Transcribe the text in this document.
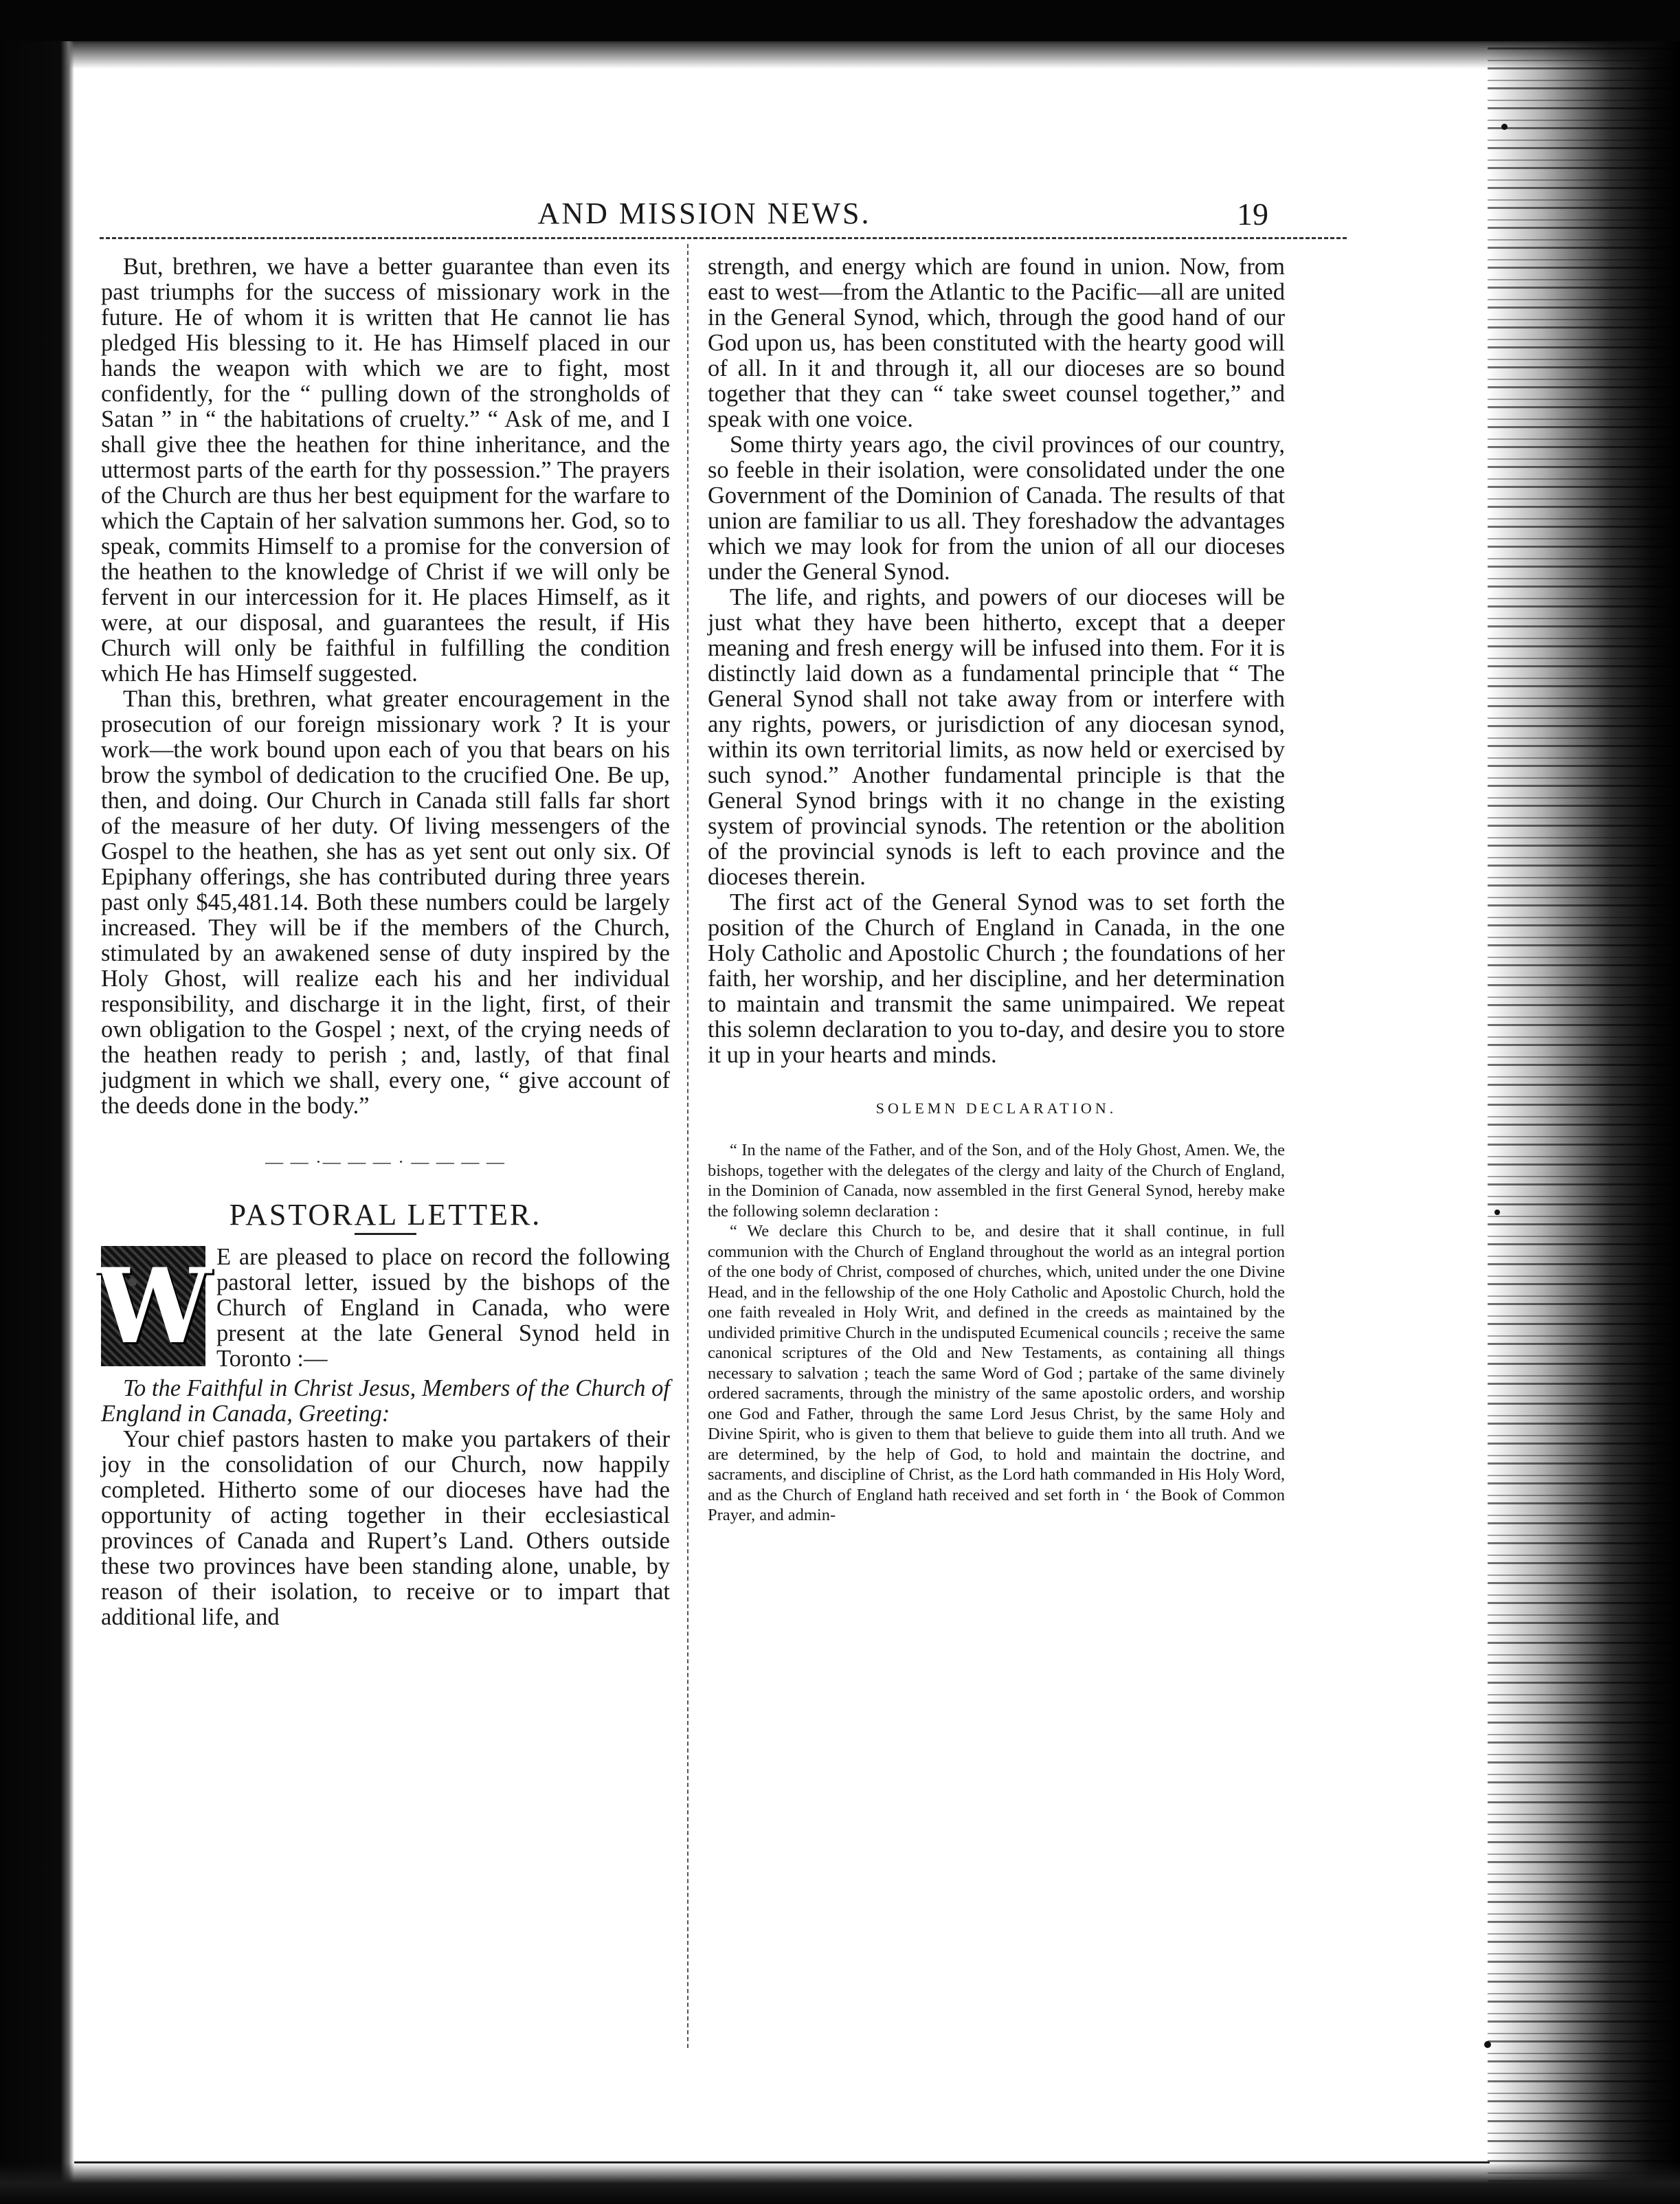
AND MISSION NEWS.	19

But, brethren, we have a better guarantee than even its past triumphs for the success of missionary work in the future. He of whom it is written that He cannot lie has pledged His blessing to it. He has Himself placed in our hands the weapon with which we are to fight, most confidently, for the “ pulling down of the strongholds of Satan ” in “ the habitations of cruelty.” “ Ask of me, and I shall give thee the heathen for thine inheritance, and the uttermost parts of the earth for thy possession.” The prayers of the Church are thus her best equipment for the warfare to which the Captain of her salvation summons her. God, so to speak, commits Himself to a promise for the conversion of the heathen to the knowledge of Christ if we will only be fervent in our intercession for it. He places Himself, as it were, at our disposal, and guarantees the result, if His Church will only be faithful in fulfilling the condition which He has Himself suggested.

Than this, brethren, what greater encouragement in the prosecution of our foreign missionary work ? It is your work—the work bound upon each of you that bears on his brow the symbol of dedication to the crucified One. Be up, then, and doing. Our Church in Canada still falls far short of the measure of her duty. Of living messengers of the Gospel to the heathen, she has as yet sent out only six. Of Epiphany offerings, she has contributed during three years past only $45,481.14. Both these numbers could be largely increased. They will be if the members of the Church, stimulated by an awakened sense of duty inspired by the Holy Ghost, will realize each his and her individual responsibility, and discharge it in the light, first, of their own obligation to the Gospel ; next, of the crying needs of the heathen ready to perish ; and, lastly, of that final judgment in which we shall, every one, “ give account of the deeds done in the body.”

— — ·— — — · — — — —
PASTORAL LETTER.

W E are pleased to place on record the following pastoral letter, issued by the bishops of the Church of England in Canada, who were present at the late General Synod held in Toronto :—

To the Faithful in Christ Jesus, Members of the Church of England in Canada, Greeting:

Your chief pastors hasten to make you partakers of their joy in the consolidation of our Church, now happily completed. Hitherto some of our dioceses have had the opportunity of acting together in their ecclesiastical provinces of Canada and Rupert’s Land. Others outside these two provinces have been standing alone, unable, by reason of their isolation, to receive or to impart that additional life, and

strength, and energy which are found in union. Now, from east to west—from the Atlantic to the Pacific—all are united in the General Synod, which, through the good hand of our God upon us, has been constituted with the hearty good will of all. In it and through it, all our dioceses are so bound together that they can “ take sweet counsel together,” and speak with one voice.

Some thirty years ago, the civil provinces of our country, so feeble in their isolation, were consolidated under the one Government of the Dominion of Canada. The results of that union are familiar to us all. They foreshadow the advantages which we may look for from the union of all our dioceses under the General Synod.

The life, and rights, and powers of our dioceses will be just what they have been hitherto, except that a deeper meaning and fresh energy will be infused into them. For it is distinctly laid down as a fundamental principle that “ The General Synod shall not take away from or interfere with any rights, powers, or jurisdiction of any diocesan synod, within its own territorial limits, as now held or exercised by such synod.” Another fundamental principle is that the General Synod brings with it no change in the existing system of provincial synods. The retention or the abolition of the provincial synods is left to each province and the dioceses therein.

The first act of the General Synod was to set forth the position of the Church of England in Canada, in the one Holy Catholic and Apostolic Church ; the foundations of her faith, her worship, and her discipline, and her determination to maintain and transmit the same unimpaired. We repeat this solemn declaration to you to-day, and desire you to store it up in your hearts and minds.

SOLEMN DECLARATION.

“ In the name of the Father, and of the Son, and of the Holy Ghost, Amen. We, the bishops, together with the delegates of the clergy and laity of the Church of England, in the Dominion of Canada, now assembled in the first General Synod, hereby make the following solemn declaration :

“ We declare this Church to be, and desire that it shall continue, in full communion with the Church of England throughout the world as an integral portion of the one body of Christ, composed of churches, which, united under the one Divine Head, and in the fellowship of the one Holy Catholic and Apostolic Church, hold the one faith revealed in Holy Writ, and defined in the creeds as maintained by the undivided primitive Church in the undisputed Ecumenical councils ; receive the same canonical scriptures of the Old and New Testaments, as containing all things necessary to salvation ; teach the same Word of God ; partake of the same divinely ordered sacraments, through the ministry of the same apostolic orders, and worship one God and Father, through the same Lord Jesus Christ, by the same Holy and Divine Spirit, who is given to them that believe to guide them into all truth. And we are determined, by the help of God, to hold and maintain the doctrine, and sacraments, and discipline of Christ, as the Lord hath commanded in His Holy Word, and as the Church of England hath received and set forth in ‘ the Book of Common Prayer, and admin-
